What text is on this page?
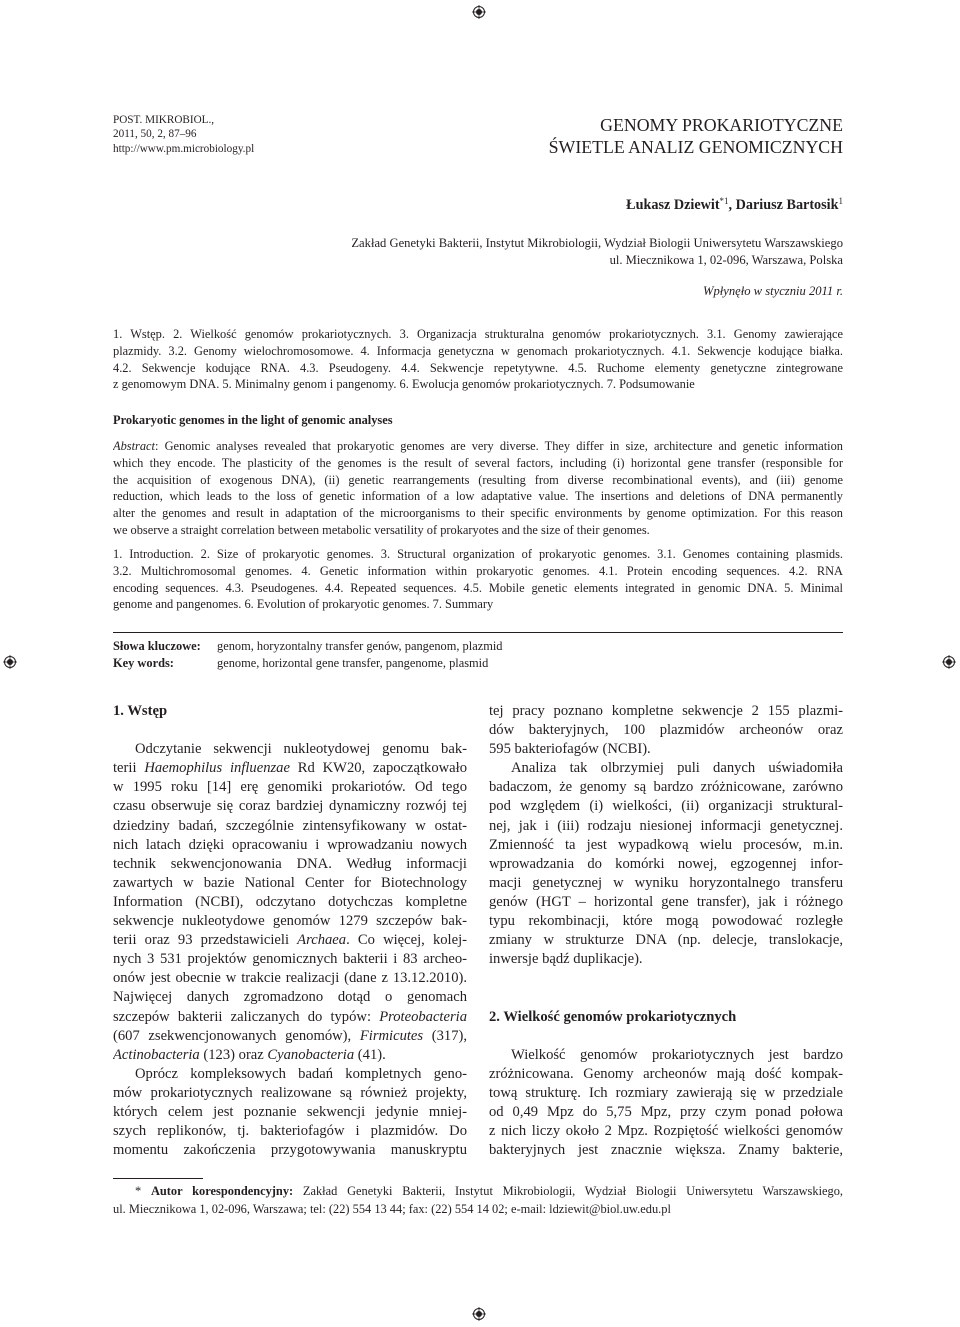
POST. MIKROBIOL.,
2011, 50, 2, 87–96
http://www.pm.microbiology.pl
GENOMY PROKARIOTYCZNE
ŚWIETLE ANALIZ GENOMICZNYCH
Łukasz Dziewit$^{*1}$, Dariusz Bartosik$^1$
Zakład Genetyki Bakterii, Instytut Mikrobiologii, Wydział Biologii Uniwersytetu Warszawskiego
ul. Miecznikowa 1, 02-096, Warszawa, Polska
Wpłynęło w styczniu 2011 r.
1. Wstęp. 2. Wielkość genomów prokariotycznych. 3. Organizacja strukturalna genomów prokariotycznych. 3.1. Genomy zawierające
plazmidy. 3.2. Genomy wielochromosomowe. 4. Informacja genetyczna w genomach prokariotycznych. 4.1. Sekwencje kodujące białka.
4.2. Sekwencje kodujące RNA. 4.3. Pseudogeny. 4.4. Sekwencje repetytywne. 4.5. Ruchome elementy genetyczne zintegrowane
z genomowym DNA. 5. Minimalny genom i pangenomy. 6. Ewolucja genomów prokariotycznych. 7. Podsumowanie
Prokaryotic genomes in the light of genomic analyses
Abstract: Genomic analyses revealed that prokaryotic genomes are very diverse. They differ in size, architecture and genetic information
which they encode. The plasticity of the genomes is the result of several factors, including (i) horizontal gene transfer (responsible for
the acquisition of exogenous DNA), (ii) genetic rearrangements (resulting from diverse recombinational events), and (iii) genome
reduction, which leads to the loss of genetic information of a low adaptative value. The insertions and deletions of DNA permanently
alter the genomes and result in adaptation of the microorganisms to their specific environments by genome optimization. For this reason
we observe a straight correlation between metabolic versatility of prokaryotes and the size of their genomes.
1. Introduction. 2. Size of prokaryotic genomes. 3. Structural organization of prokaryotic genomes. 3.1. Genomes containing plasmids.
3.2. Multichromosomal genomes. 4. Genetic information within prokaryotic genomes. 4.1. Protein encoding sequences. 4.2. RNA
encoding sequences. 4.3. Pseudogenes. 4.4. Repeated sequences. 4.5. Mobile genetic elements integrated in genomic DNA. 5. Minimal
genome and pangenomes. 6. Evolution of prokaryotic genomes. 7. Summary
Słowa kluczowe:	genom, horyzontalny transfer genów, pangenom, plazmid
Key words:	genome, horizontal gene transfer, pangenome, plasmid
1. Wstęp
Odczytanie sekwencji nukleotydowej genomu bak-
terii Haemophilus influenzae Rd KW20, zapoczątkowało
w 1995 roku [14] erę genomiki prokariotów. Od tego
czasu obserwuje się coraz bardziej dynamiczny rozwój tej
dziedziny badań, szczególnie zintensyfikowany w ostat-
nich latach dzięki opracowaniu i wprowadzaniu nowych
technik sekwencjonowania DNA. Według informacji
zawartych w bazie National Center for Biotechnology
Information (NCBI), odczytano dotychczas kompletne
sekwencje nukleotydowe genomów 1279 szczepów bak-
terii oraz 93 przedstawicieli Archaea. Co więcej, kolej-
nych 3 531 projektów genomicznych bakterii i 83 archeo-
onów jest obecnie w trakcie realizacji (dane z 13.12.2010).
Najwięcej danych zgromadzono dotąd o genomach
szczepów bakterii zaliczanych do typów: Proteobacteria
(607 zsekwencjonowanych genomów), Firmicutes (317),
Actinobacteria (123) oraz Cyanobacteria (41).
Oprócz kompleksowych badań kompletnych geno-
mów prokariotycznych realizowane są również projekty,
których celem jest poznanie sekwencji jedynie mniej-
szych replikonów, tj. bakteriofagów i plazmidów. Do
momentu zakończenia przygotowywania manuskryptu
tej pracy poznano kompletne sekwencje 2 155 plazmi-
dów bakteryjnych, 100 plazmidów archeonów oraz
595 bakteriofagów (NCBI).
Analiza tak olbrzymiej puli danych uświadomiła
badaczom, że genomy są bardzo zróżnicowane, zarówno
pod względem (i) wielkości, (ii) organizacji struktural-
nej, jak i (iii) rodzaju niesionej informacji genetycznej.
Zmienność ta jest wypadkową wielu procesów, m.in.
wprowadzania do komórki nowej, egzogennej infor-
macji genetycznej w wyniku horyzontalnego transferu
genów (HGT – horizontal gene transfer), jak i różnego
typu rekombinacji, które mogą powodować rozległe
zmiany w strukturze DNA (np. delecje, translokacje,
inwersje bądź duplikacje).
2. Wielkość genomów prokariotycznych
Wielkość genomów prokariotycznych jest bardzo
zróżnicowana. Genomy archeonów mają dość kompak-
tową strukturę. Ich rozmiary zawierają się w przedziale
od 0,49 Mpz do 5,75 Mpz, przy czym ponad połowa
z nich liczy około 2 Mpz. Rozpiętość wielkości genomów
bakteryjnych jest znacznie większa. Znamy bakterie,
* Autor korespondencyjny: Zakład Genetyki Bakterii, Instytut Mikrobiologii, Wydział Biologii Uniwersytetu Warszawskiego,
ul. Miecznikowa 1, 02-096, Warszawa; tel: (22) 554 13 44; fax: (22) 554 14 02; e-mail: ldziewit@biol.uw.edu.pl
